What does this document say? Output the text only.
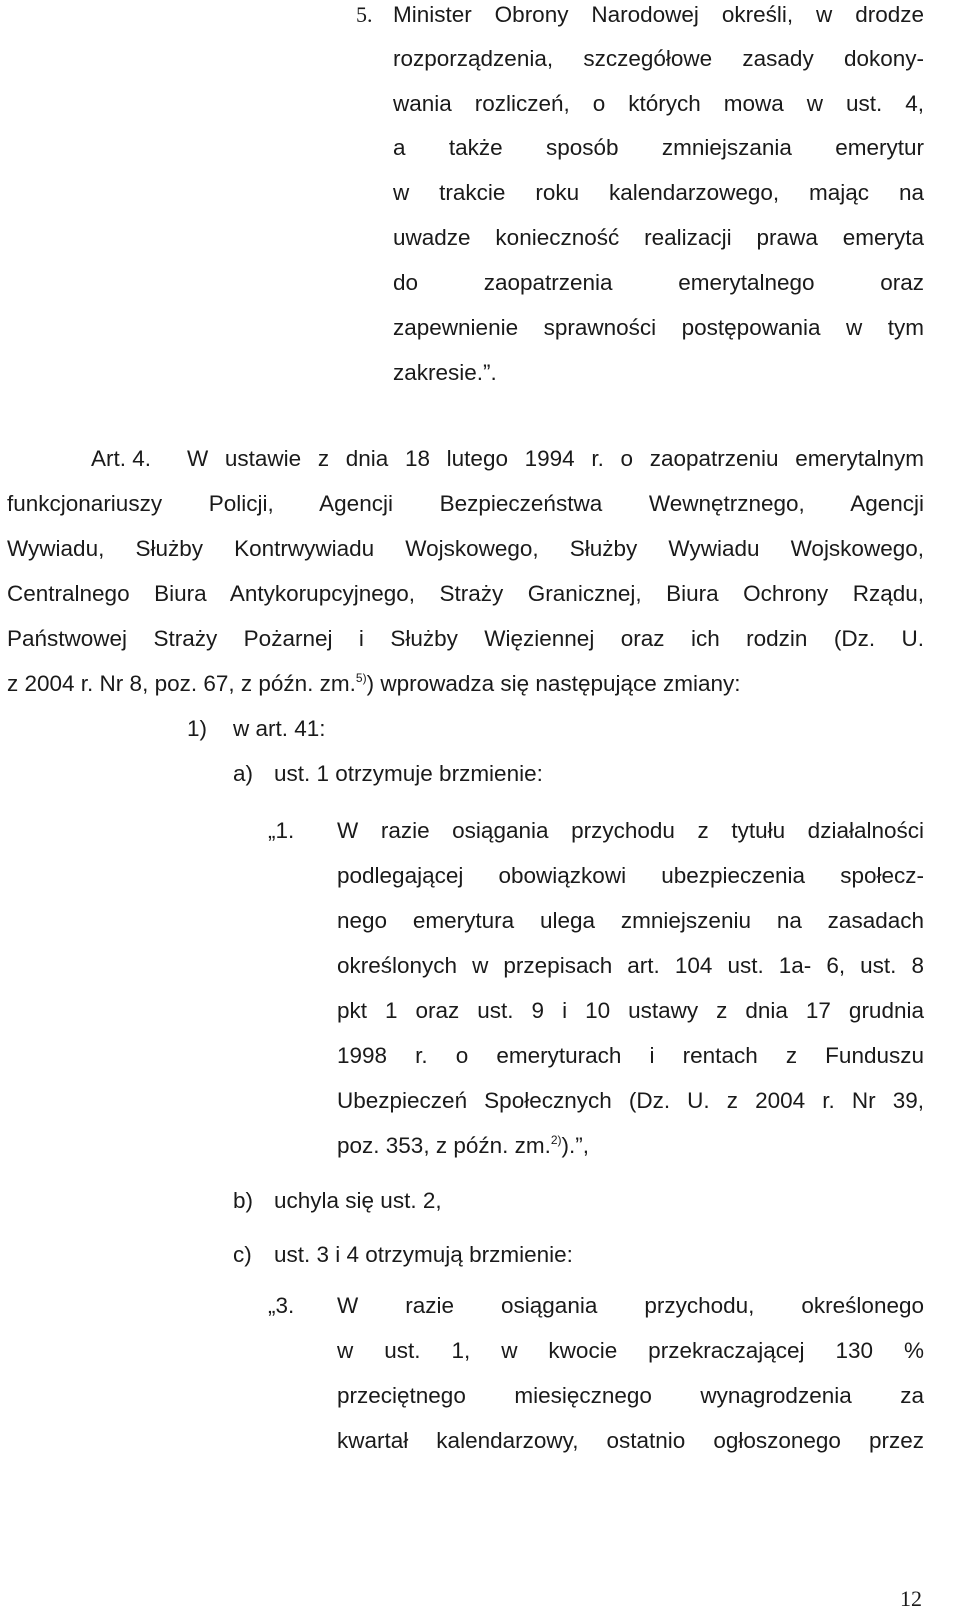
5. Minister Obrony Narodowej określi, w drodze
rozporządzenia, szczegółowe zasady dokony-
wania rozliczeń, o których mowa w ust. 4,
a także sposób zmniejszania emerytur
w trakcie roku kalendarzowego, mając na
uwadze konieczność realizacji prawa emeryta
do zaopatrzenia emerytalnego oraz
zapewnienie sprawności postępowania w tym
zakresie.”.
Art. 4. W ustawie z dnia 18 lutego 1994 r. o zaopatrzeniu emerytalnym
funkcjonariuszy Policji, Agencji Bezpieczeństwa Wewnętrznego, Agencji
Wywiadu, Służby Kontrwywiadu Wojskowego, Służby Wywiadu Wojskowego,
Centralnego Biura Antykorupcyjnego, Straży Granicznej, Biura Ochrony Rządu,
Państwowej Straży Pożarnej i Służby Więziennej oraz ich rodzin (Dz. U.
z 2004 r. Nr 8, poz. 67, z późn. zm.$^{5)}$) wprowadza się następujące zmiany:
1) w art. 41:
a) ust. 1 otrzymuje brzmienie:
„1. W razie osiągania przychodu z tytułu działalności
podlegającej obowiązkowi ubezpieczenia społecz-
nego emerytura ulega zmniejszeniu na zasadach
określonych w przepisach art. 104 ust. 1a- 6, ust. 8
pkt 1 oraz ust. 9 i 10 ustawy z dnia 17 grudnia
1998 r. o emeryturach i rentach z Funduszu
Ubezpieczeń Społecznych (Dz. U. z 2004 r. Nr 39,
poz. 353, z późn. zm.$^{2)}$).”,
b) uchyla się ust. 2,
c) ust. 3 i 4 otrzymują brzmienie:
„3. W razie osiągania przychodu, określonego
w ust. 1, w kwocie przekraczającej 130 %
przeciętnego miesięcznego wynagrodzenia za
kwartał kalendarzowy, ostatnio ogłoszonego przez
12
